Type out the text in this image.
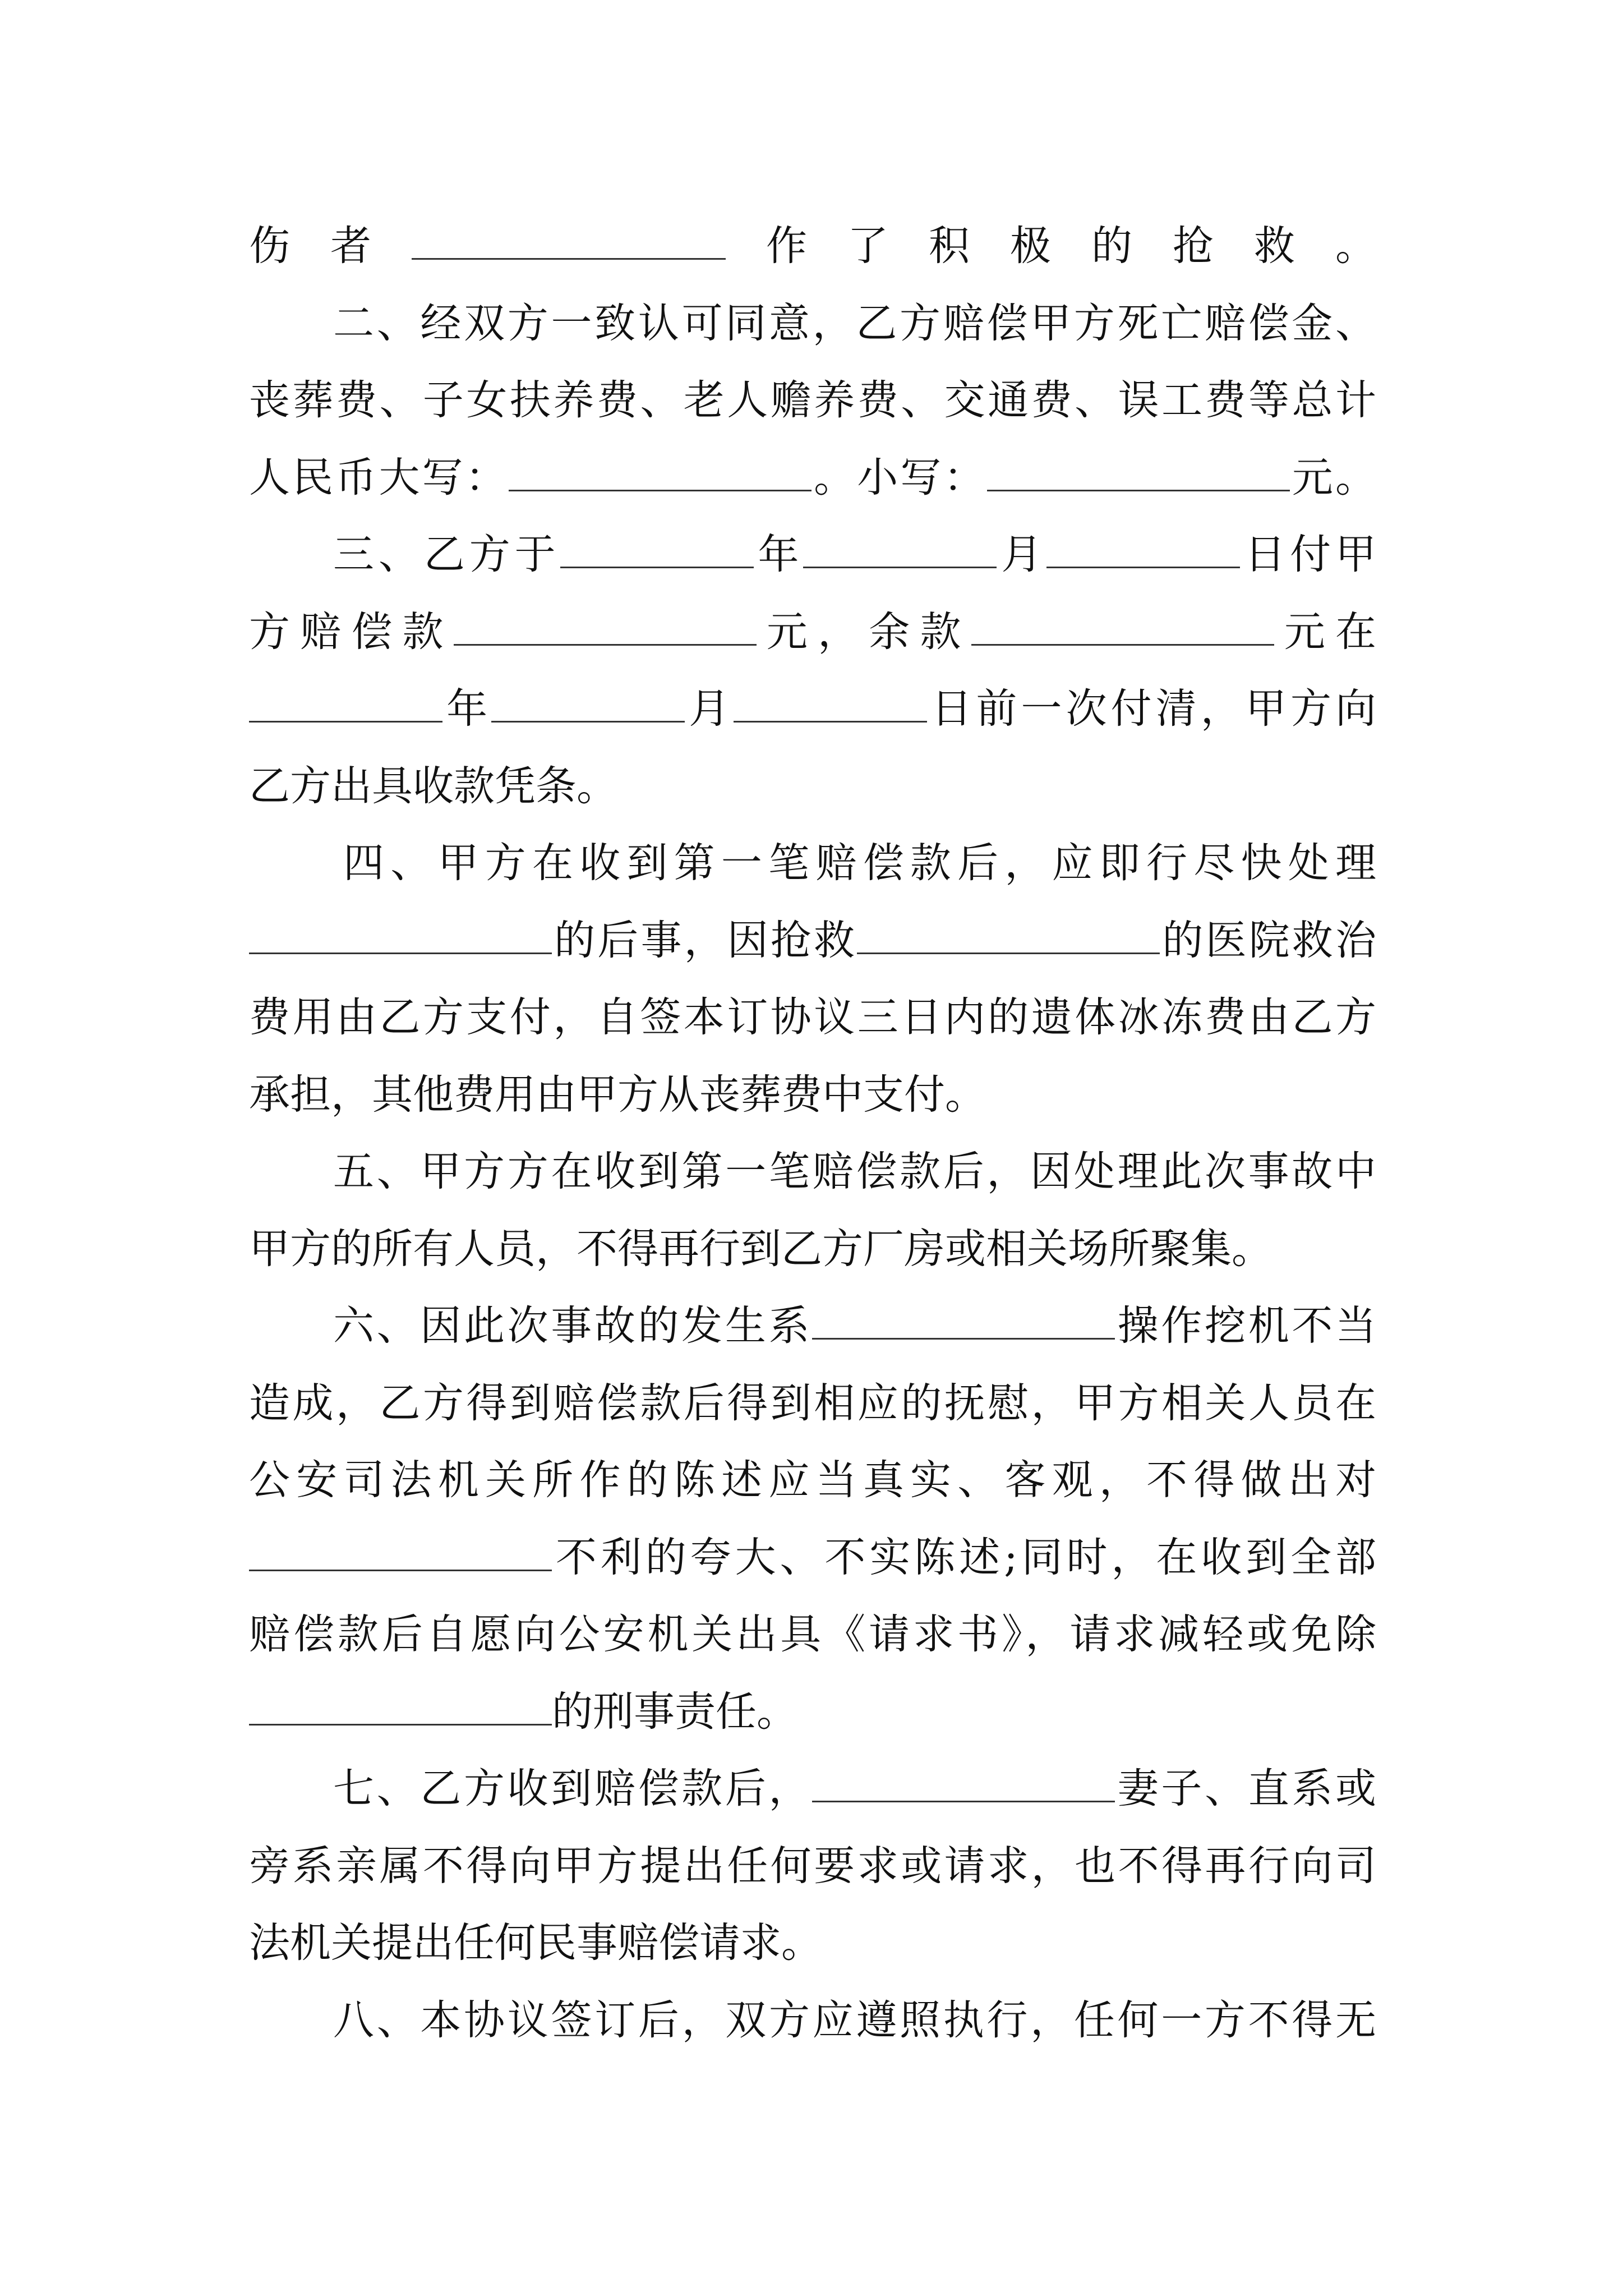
伤者	作了积极的抢救。
二、经双方一致认可同意，乙方赔偿甲方死亡赔偿金、
丧葬费、子女扶养费、老人赡养费、交通费、误工费等总计
人民币大写：	。小写：	元。
三、乙方于	年	月	日付甲
方赔偿款	元，余款	元在
年	月	日前一次付清，甲方向
乙方出具收款凭条。
四、甲方在收到第一笔赔偿款后，应即行尽快处理
的后事，因抢救	的医院救治
费用由乙方支付，自签本订协议三日内的遗体冰冻费由乙方
承担，其他费用由甲方从丧葬费中支付。
五、甲方方在收到第一笔赔偿款后，因处理此次事故中
甲方的所有人员，不得再行到乙方厂房或相关场所聚集。
六、因此次事故的发生系	操作挖机不当
造成，乙方得到赔偿款后得到相应的抚慰，甲方相关人员在
公安司法机关所作的陈述应当真实、客观，不得做出对
不利的夸大、不实陈述;同时，在收到全部
赔偿款后自愿向公安机关出具《请求书》，请求减轻或免除
的刑事责任。
七、乙方收到赔偿款后，	妻子、直系或
旁系亲属不得向甲方提出任何要求或请求，也不得再行向司
法机关提出任何民事赔偿请求。
八、本协议签订后，双方应遵照执行，任何一方不得无
